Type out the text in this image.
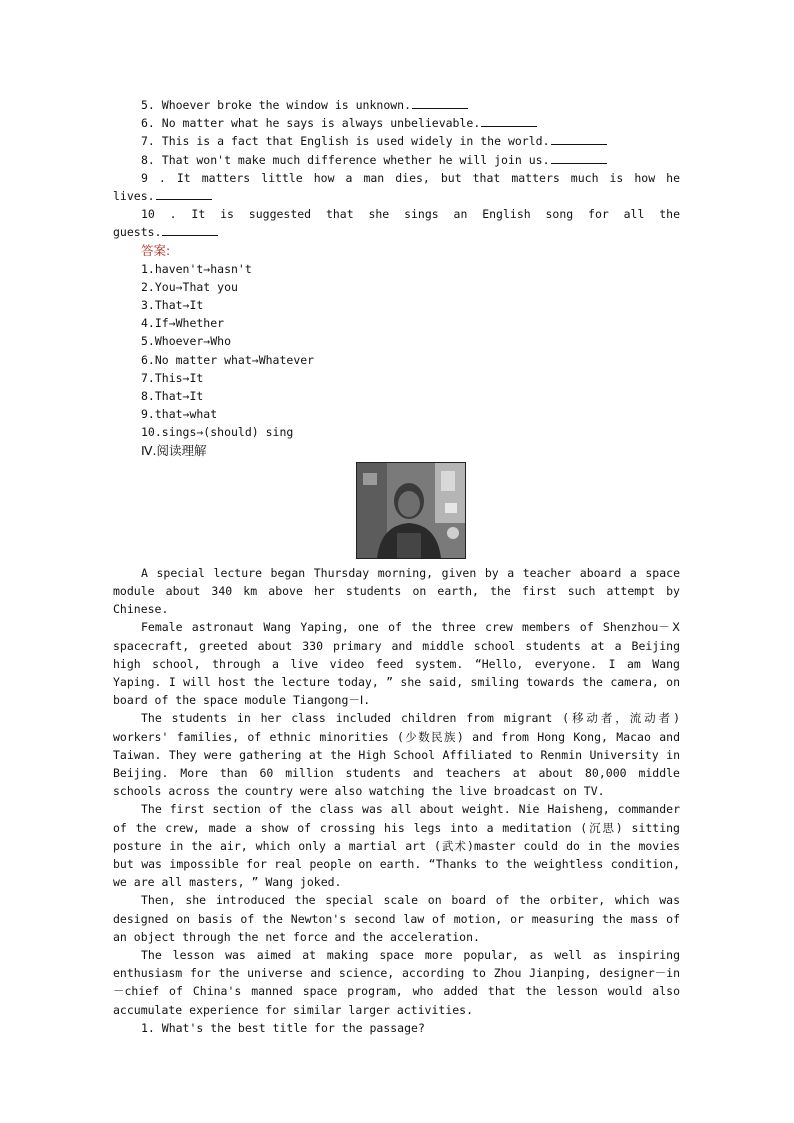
5. Whoever broke the window is unknown.
6. No matter what he says is always unbelievable.
7. This is a fact that English is used widely in the world.
8. That won't make much difference whether he will join us.
9 . It matters little how a man dies, but that matters much is how he
lives.
10 . It is suggested that she sings an English song for all the
guests.
答案:
1.haven't→hasn't
2.You→That you
3.That→It
4.If→Whether
5.Whoever→Who
6.No matter what→Whatever
7.This→It
8.That→It
9.that→what
10.sings→(should) sing
Ⅳ.阅读理解
A special lecture began Thursday morning, given by a teacher aboard a space module about 340 km above her students on earth, the first such attempt by Chinese.
Female astronaut Wang Yaping, one of the three crew members of Shenzhou－Ⅹ spacecraft, greeted about 330 primary and middle school students at a Beijing high school, through a live video feed system. “Hello, everyone. I am Wang Yaping. I will host the lecture today, ” she said, smiling towards the camera, on board of the space module Tiangong－Ⅰ.
The students in her class included children from migrant (移动者，流动者) workers' families, of ethnic minorities (少数民族) and from Hong Kong, Macao and Taiwan. They were gathering at the High School Affiliated to Renmin University in Beijing. More than 60 million students and teachers at about 80,000 middle schools across the country were also watching the live broadcast on TV.
The first section of the class was all about weight. Nie Haisheng, commander of the crew, made a show of crossing his legs into a meditation (沉思) sitting posture in the air, which only a martial art (武术)master could do in the movies but was impossible for real people on earth. “Thanks to the weightless condition, we are all masters, ” Wang joked.
Then, she introduced the special scale on board of the orbiter, which was designed on basis of the Newton's second law of motion, or measuring the mass of an object through the net force and the acceleration.
The lesson was aimed at making space more popular, as well as inspiring enthusiasm for the universe and science, according to Zhou Jianping, designer－in－chief of China's manned space program, who added that the lesson would also accumulate experience for similar larger activities.
1. What's the best title for the passage?
